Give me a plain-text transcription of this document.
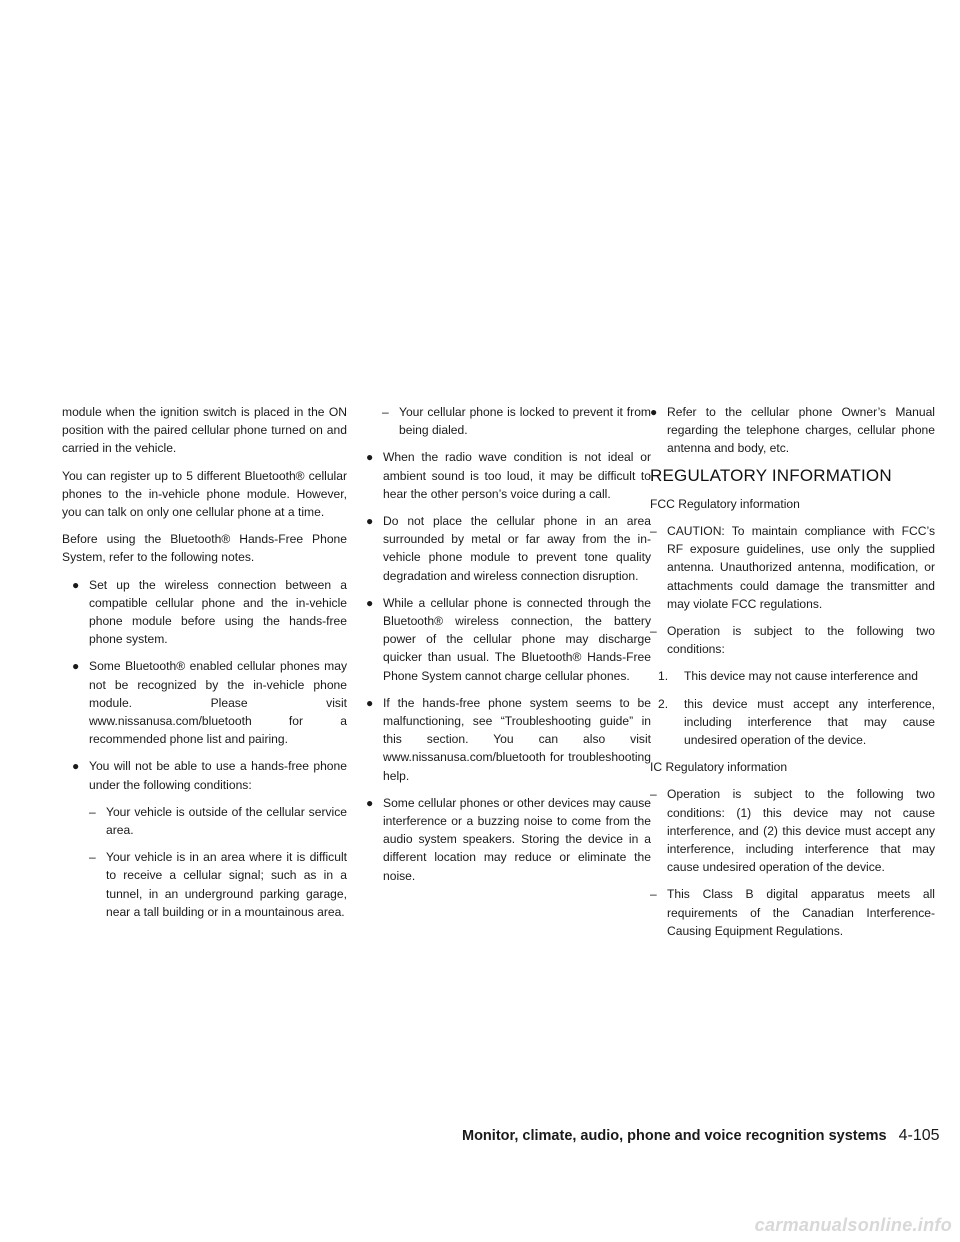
module when the ignition switch is placed in the ON position with the paired cellular phone turned on and carried in the vehicle.

You can register up to 5 different Bluetooth® cellular phones to the in-vehicle phone module. However, you can talk on only one cellular phone at a time.

Before using the Bluetooth® Hands-Free Phone System, refer to the following notes.

● Set up the wireless connection between a compatible cellular phone and the in-vehicle phone module before using the hands-free phone system.
● Some Bluetooth® enabled cellular phones may not be recognized by the in-vehicle phone module. Please visit www.nissanusa.com/bluetooth for a recommended phone list and pairing.
● You will not be able to use a hands-free phone under the following conditions:
– Your vehicle is outside of the cellular service area.
– Your vehicle is in an area where it is difficult to receive a cellular signal; such as in a tunnel, in an underground parking garage, near a tall building or in a mountainous area.
– Your cellular phone is locked to prevent it from being dialed.
● When the radio wave condition is not ideal or ambient sound is too loud, it may be difficult to hear the other person’s voice during a call.
● Do not place the cellular phone in an area surrounded by metal or far away from the in-vehicle phone module to prevent tone quality degradation and wireless connection disruption.
● While a cellular phone is connected through the Bluetooth® wireless connection, the battery power of the cellular phone may discharge quicker than usual. The Bluetooth® Hands-Free Phone System cannot charge cellular phones.
● If the hands-free phone system seems to be malfunctioning, see “Troubleshooting guide” in this section. You can also visit www.nissanusa.com/bluetooth for troubleshooting help.
● Some cellular phones or other devices may cause interference or a buzzing noise to come from the audio system speakers. Storing the device in a different location may reduce or eliminate the noise.
● Refer to the cellular phone Owner’s Manual regarding the telephone charges, cellular phone antenna and body, etc.
REGULATORY INFORMATION

FCC Regulatory information

– CAUTION: To maintain compliance with FCC’s RF exposure guidelines, use only the supplied antenna. Unauthorized antenna, modification, or attachments could damage the transmitter and may violate FCC regulations.
– Operation is subject to the following two conditions:
1. This device may not cause interference and
2. this device must accept any interference, including interference that may cause undesired operation of the device.

IC Regulatory information

– Operation is subject to the following two conditions: (1) this device may not cause interference, and (2) this device must accept any interference, including interference that may cause undesired operation of the device.
– This Class B digital apparatus meets all requirements of the Canadian Interference-Causing Equipment Regulations.
Monitor, climate, audio, phone and voice recognition systems 4-105
carmanualsonline.info
